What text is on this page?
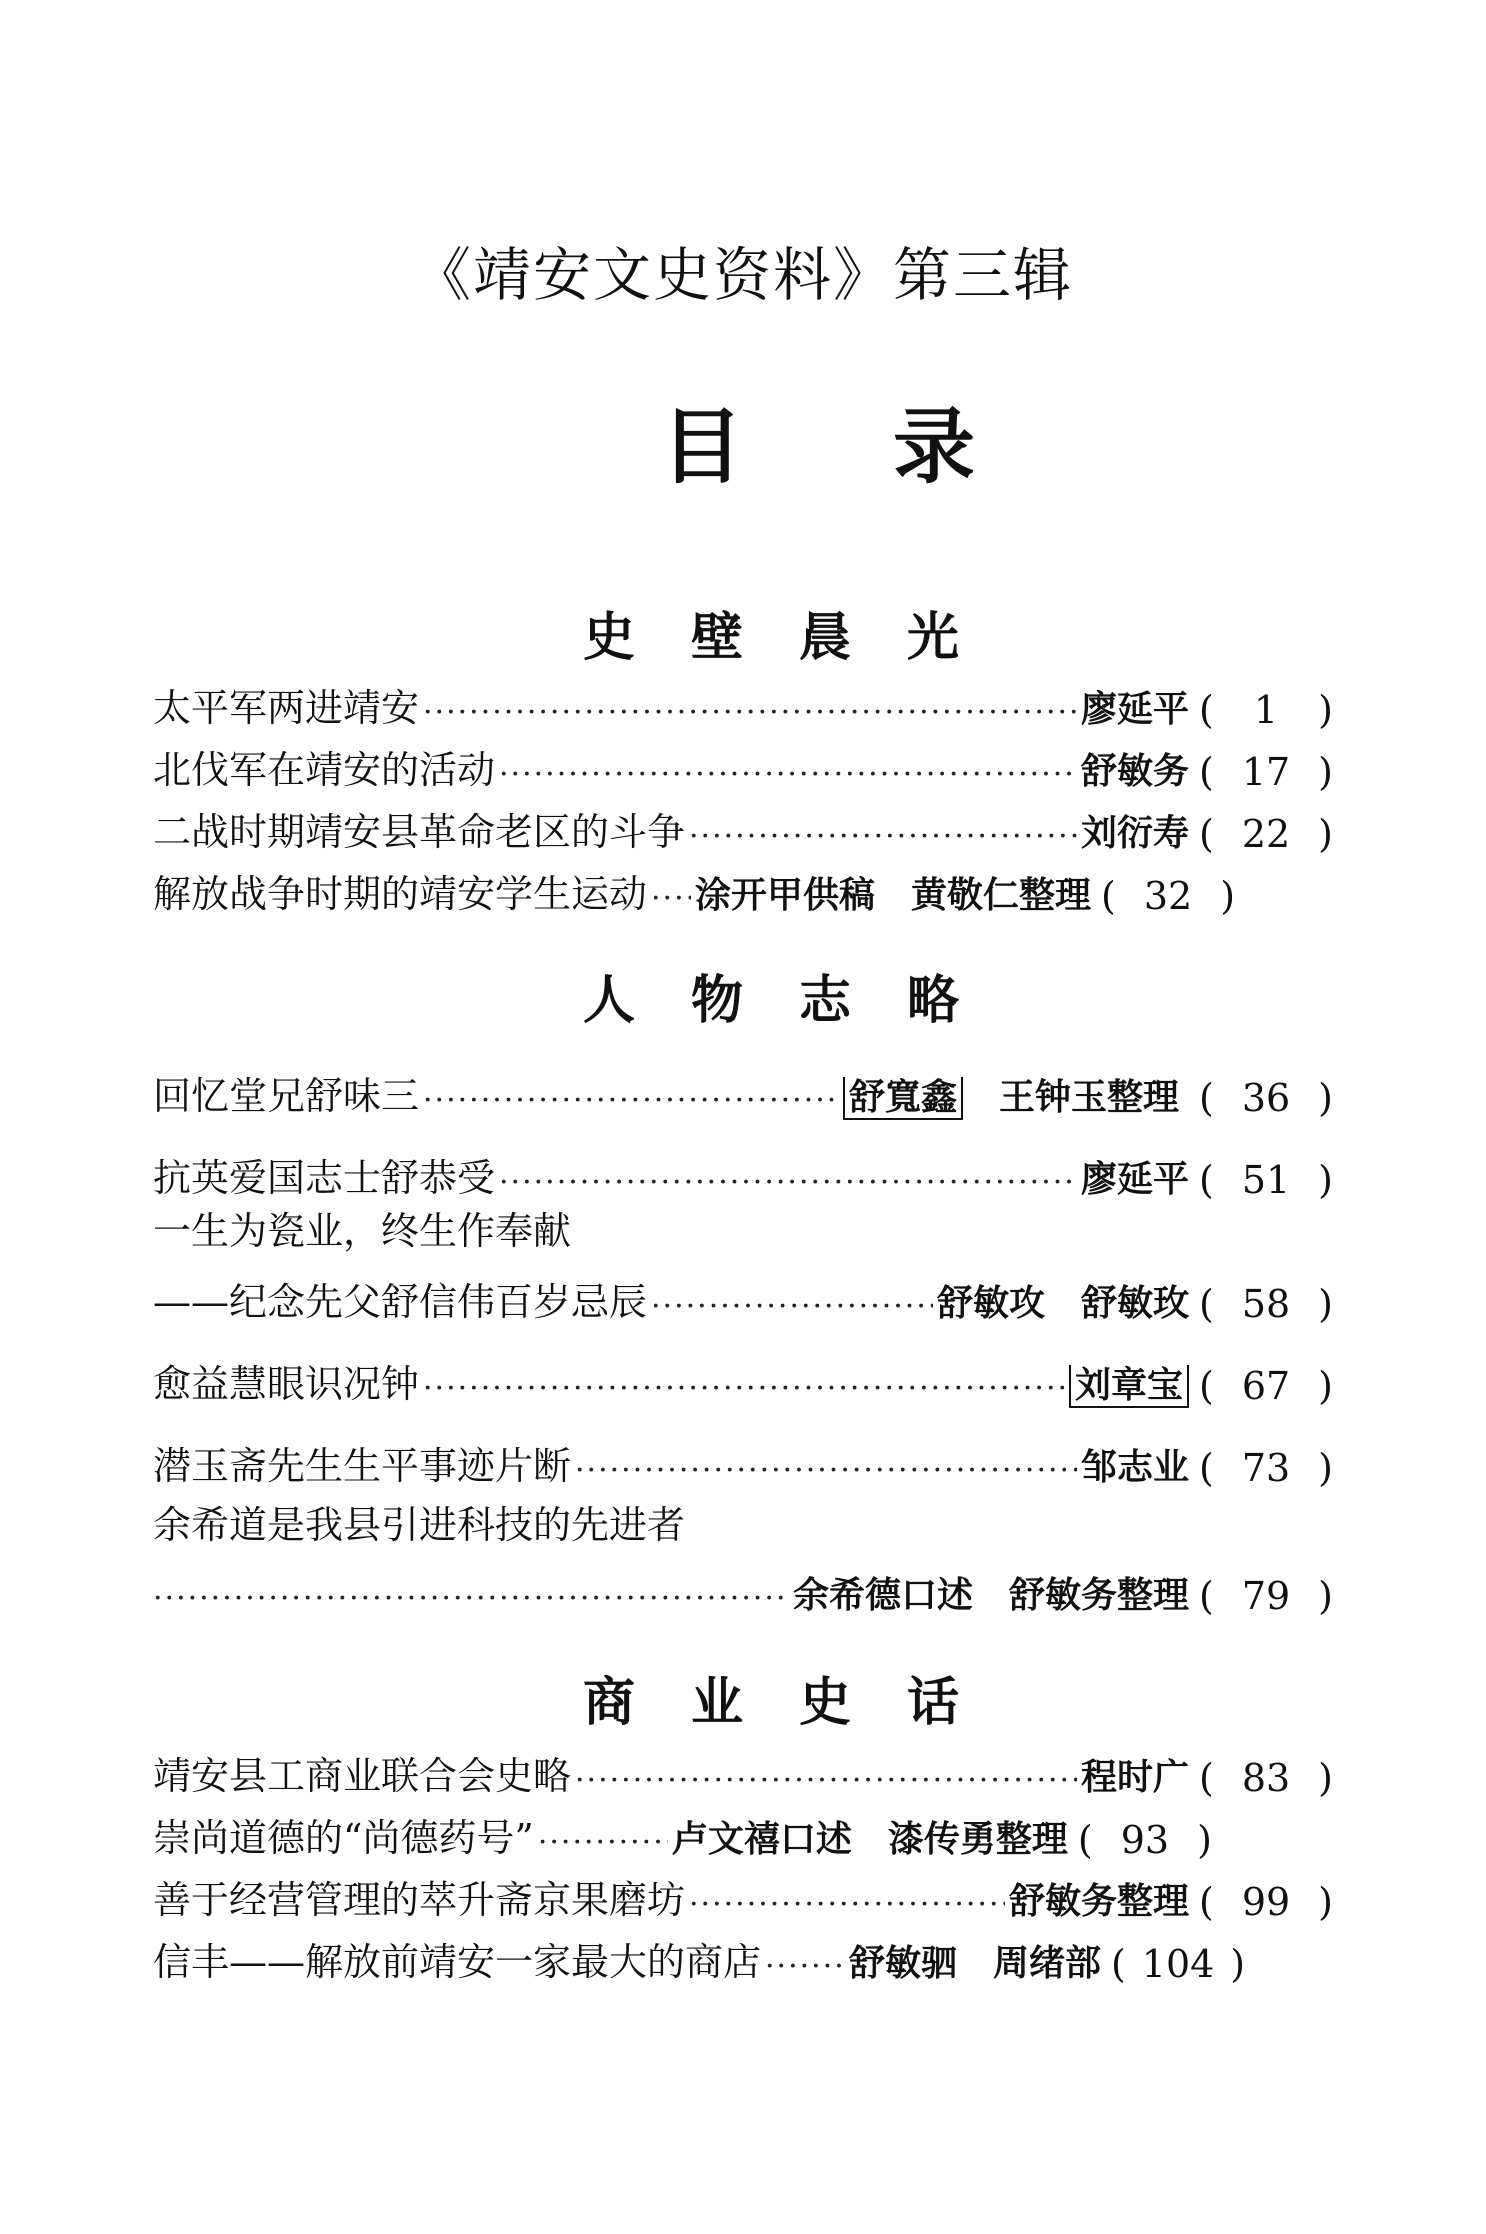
《靖安文史资料》第三辑
目录
史壁晨光
太平军两进靖安 ·····	廖延平 (	1	)
北伐军在靖安的活动 ·····	舒敏务 ( 17 )
二战时期靖安县革命老区的斗争 ·····	刘衍寿 ( 22 )
解放战争时期的靖安学生运动 ····· 涂开甲供稿 黄敬仁整理 ( 32 )
人物志略
回忆堂兄舒味三 ·····	舒寬鑫 王钟玉整理 ( 36 )
抗英爱国志士舒恭受 ·····	廖延平 ( 51 )
一生为瓷业，终生作奉献
——纪念先父舒信伟百岁忌辰 ·····	舒敏攻 舒敏玫 ( 58 )
愈益慧眼识况钟 ·····	刘章宝 ( 67 )
潜玉斋先生生平事迹片断 ·····	邹志业 ( 73 )
余希道是我县引进科技的先进者
·····
余希德口述 舒敏务整理 ( 79 )
商业史话
靖安县工商业联合会史略 ·····	程时广 ( 83 )
崇尚道德的“尚德药号” ·····	卢文禧口述 漆传勇整理 ( 93 )
善于经营管理的萃升斋京果磨坊 ·····	舒敏务整理 ( 99 )
信丰——解放前靖安一家最大的商店 ····· 舒敏驷 周绪部 ( 104 )
